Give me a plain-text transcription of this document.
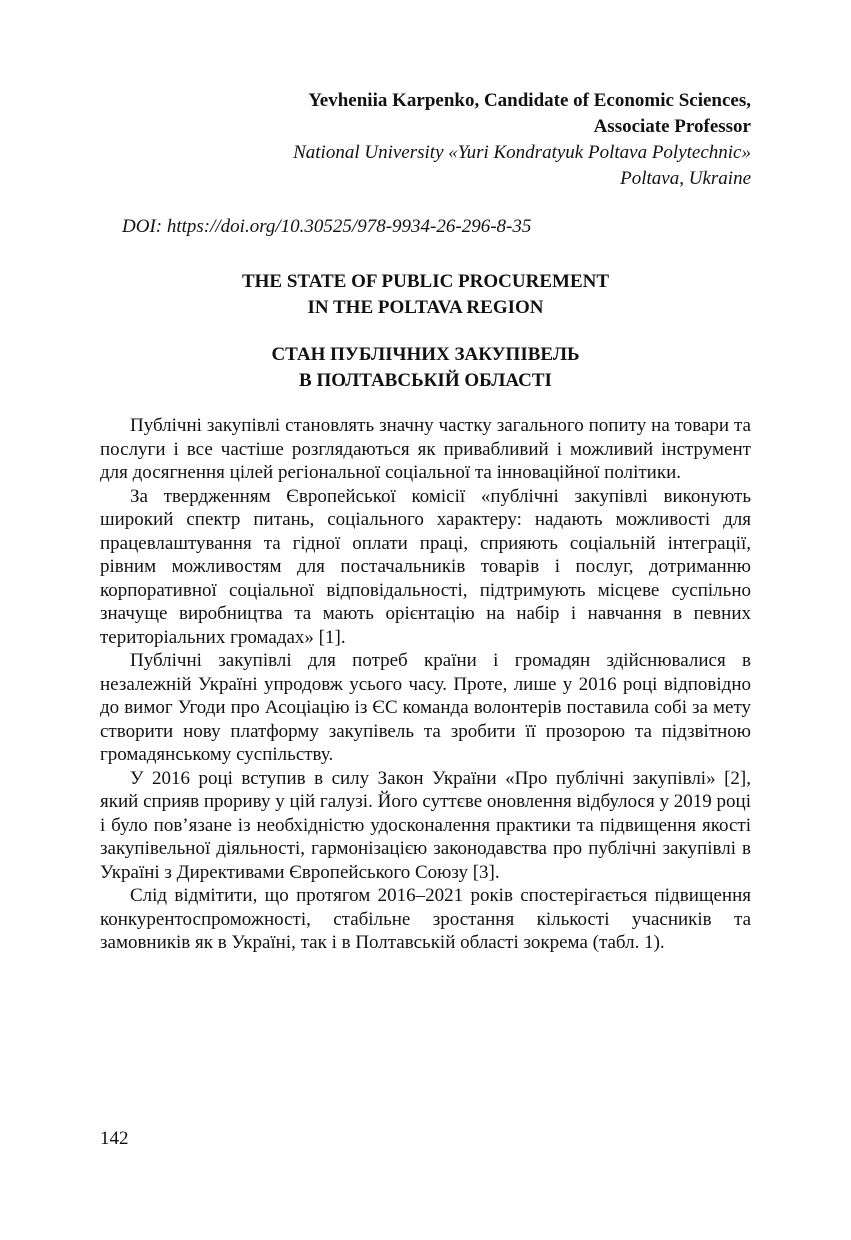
Yevheniia Karpenko, Candidate of Economic Sciences,
Associate Professor
National University «Yuri Kondratyuk Poltava Polytechnic»
Poltava, Ukraine
DOI: https://doi.org/10.30525/978-9934-26-296-8-35
THE STATE OF PUBLIC PROCUREMENT
IN THE POLTAVA REGION
СТАН ПУБЛІЧНИХ ЗАКУПІВЕЛЬ
В ПОЛТАВСЬКІЙ ОБЛАСТІ

Публічні закупівлі становлять значну частку загального попиту на товари та послуги і все частіше розглядаються як привабливий і можливий інструмент для досягнення цілей регіональної соціальної та інноваційної політики.

За твердженням Європейської комісії «публічні закупівлі виконують широкий спектр питань, соціального характеру: надають можливості для працевлаштування та гідної оплати праці, сприяють соціальній інтеграції, рівним можливостям для постачальників товарів і послуг, дотриманню корпоративної соціальної відповідальності, підтримують місцеве суспільно значуще виробництва та мають орієнтацію на набір і навчання в певних територіальних громадах» [1].

Публічні закупівлі для потреб країни і громадян здійснювалися в незалежній Україні упродовж усього часу. Проте, лише у 2016 році відповідно до вимог Угоди про Асоціацію із ЄС команда волонтерів поставила собі за мету створити нову платформу закупівель та зробити її прозорою та підзвітною громадянському суспільству.

У 2016 році вступив в силу Закон України «Про публічні закупівлі» [2], який сприяв прориву у цій галузі. Його суттєве оновлення відбулося у 2019 році і було пов’язане із необхідністю удосконалення практики та підвищення якості закупівельної діяльності, гармонізацією законодавства про публічні закупівлі в Україні з Директивами Європейського Союзу [3].

Слід відмітити, що протягом 2016–2021 років спостерігається підвищення конкурентоспроможності, стабільне зростання кількості учасників та замовників як в Україні, так і в Полтавській області зокрема (табл. 1).

142
